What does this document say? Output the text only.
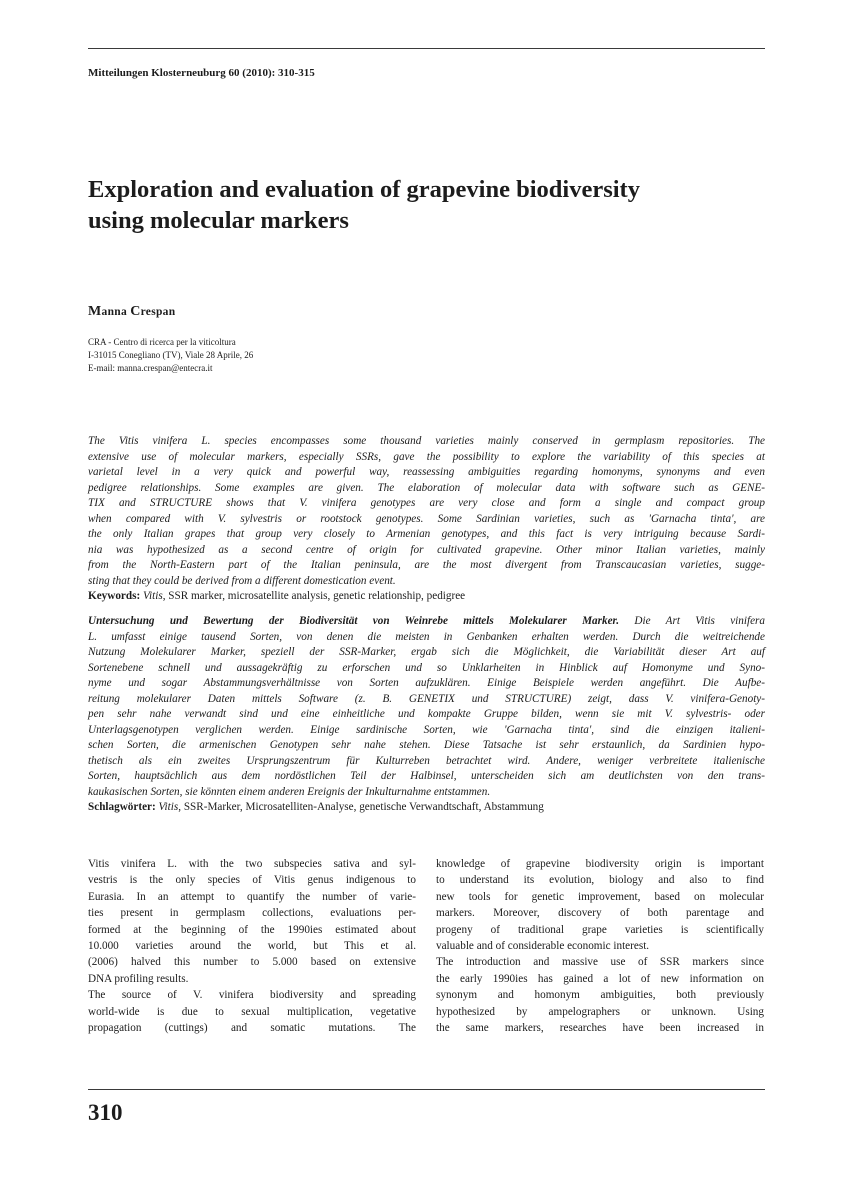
Mitteilungen Klosterneuburg 60 (2010): 310-315
Exploration and evaluation of grapevine biodiversity
using molecular markers
Manna Crespan
CRA - Centro di ricerca per la viticoltura
I-31015 Conegliano (TV), Viale 28 Aprile, 26
E-mail: manna.crespan@entecra.it
The Vitis vinifera L. species encompasses some thousand varieties mainly conserved in germplasm repositories. The
extensive use of molecular markers, especially SSRs, gave the possibility to explore the variability of this species at
varietal level in a very quick and powerful way, reassessing ambiguities regarding homonyms, synonyms and even
pedigree relationships. Some examples are given. The elaboration of molecular data with software such as GENE-
TIX and STRUCTURE shows that V. vinifera genotypes are very close and form a single and compact group
when compared with V. sylvestris or rootstock genotypes. Some Sardinian varieties, such as 'Garnacha tinta', are
the only Italian grapes that group very closely to Armenian genotypes, and this fact is very intriguing because Sardi-
nia was hypothesized as a second centre of origin for cultivated grapevine. Other minor Italian varieties, mainly
from the North-Eastern part of the Italian peninsula, are the most divergent from Transcaucasian varieties, sugge-
sting that they could be derived from a different domestication event.
Keywords: Vitis, SSR marker, microsatellite analysis, genetic relationship, pedigree
Untersuchung und Bewertung der Biodiversität von Weinrebe mittels Molekularer Marker. Die Art Vitis vinifera
L. umfasst einige tausend Sorten, von denen die meisten in Genbanken erhalten werden. Durch die weitreichende
Nutzung Molekularer Marker, speziell der SSR-Marker, ergab sich die Möglichkeit, die Variabilität dieser Art auf
Sortenebene schnell und aussagekräftig zu erforschen und so Unklarheiten in Hinblick auf Homonyme und Syno-
nyme und sogar Abstammungsverhältnisse von Sorten aufzuklären. Einige Beispiele werden angeführt. Die Aufbe-
reitung molekularer Daten mittels Software (z. B. GENETIX und STRUCTURE) zeigt, dass V. vinifera-Genoty-
pen sehr nahe verwandt sind und eine einheitliche und kompakte Gruppe bilden, wenn sie mit V. sylvestris- oder
Unterlagsgenotypen verglichen werden. Einige sardinische Sorten, wie 'Garnacha tinta', sind die einzigen italieni-
schen Sorten, die armenischen Genotypen sehr nahe stehen. Diese Tatsache ist sehr erstaunlich, da Sardinien hypo-
thetisch als ein zweites Ursprungszentrum für Kulturreben betrachtet wird. Andere, weniger verbreitete italienische
Sorten, hauptsächlich aus dem nordöstlichen Teil der Halbinsel, unterscheiden sich am deutlichsten von den trans-
kaukasischen Sorten, sie könnten einem anderen Ereignis der Inkulturnahme entstammen.
Schlagwörter: Vitis, SSR-Marker, Microsatelliten-Analyse, genetische Verwandtschaft, Abstammung
Vitis vinifera L. with the two subspecies sativa and syl-
vestris is the only species of Vitis genus indigenous to
Eurasia. In an attempt to quantify the number of varie-
ties present in germplasm collections, evaluations per-
formed at the beginning of the 1990ies estimated about
10.000 varieties around the world, but This et al.
(2006) halved this number to 5.000 based on extensive
DNA profiling results.
The source of V. vinifera biodiversity and spreading
world-wide is due to sexual multiplication, vegetative
propagation (cuttings) and somatic mutations. The
knowledge of grapevine biodiversity origin is important
to understand its evolution, biology and also to find
new tools for genetic improvement, based on molecular
markers. Moreover, discovery of both parentage and
progeny of traditional grape varieties is scientifically
valuable and of considerable economic interest.
The introduction and massive use of SSR markers since
the early 1990ies has gained a lot of new information on
synonym and homonym ambiguities, both previously
hypothesized by ampelographers or unknown. Using
the same markers, researches have been increased in
310
